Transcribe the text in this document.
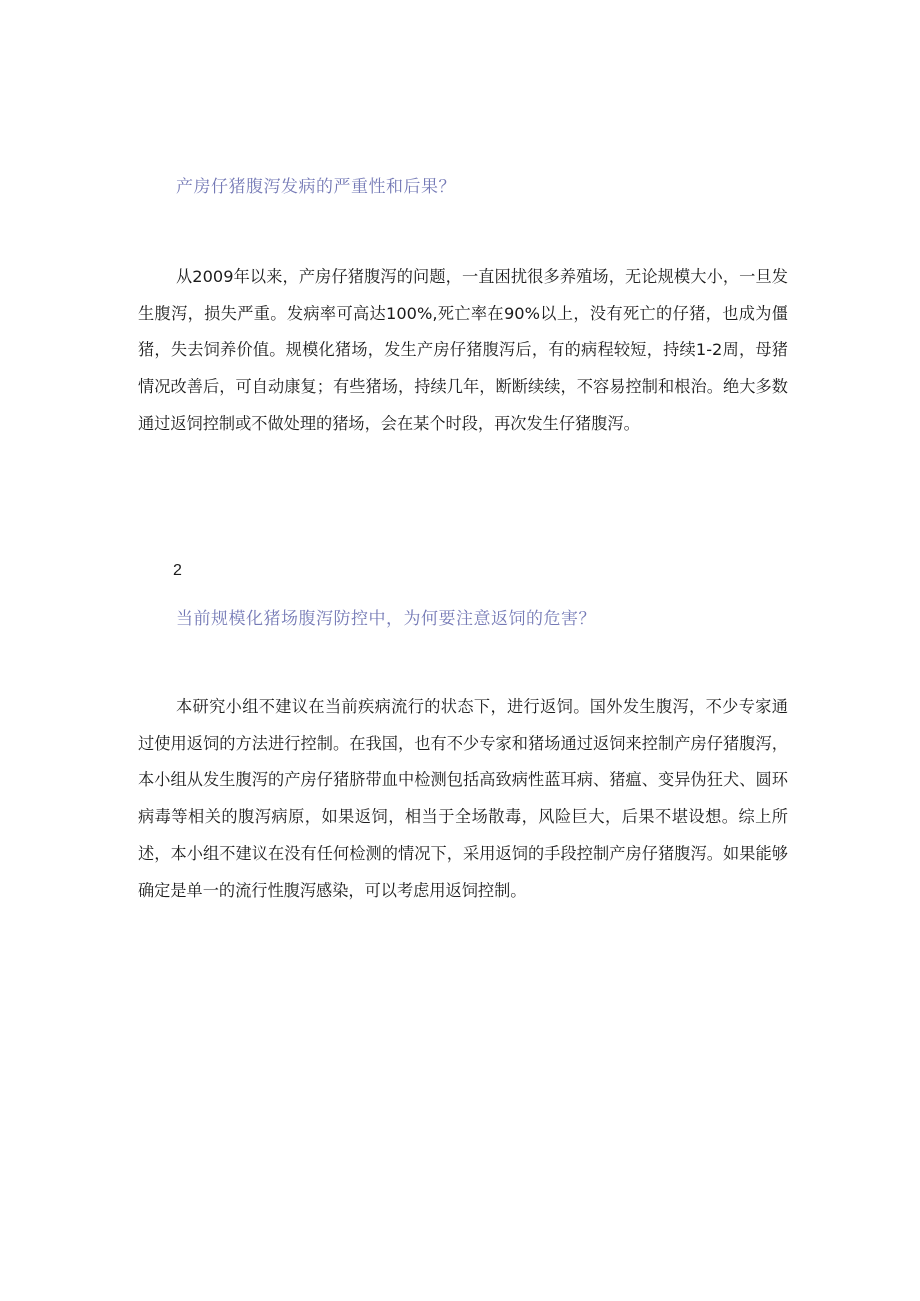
产房仔猪腹泻发病的严重性和后果？

从2009年以来，产房仔猪腹泻的问题，一直困扰很多养殖场，无论规模大小，一旦发生腹泻，损失严重。发病率可高达100%,死亡率在90%以上，没有死亡的仔猪，也成为僵猪，失去饲养价值。规模化猪场，发生产房仔猪腹泻后，有的病程较短，持续1-2周，母猪情况改善后，可自动康复；有些猪场，持续几年，断断续续，不容易控制和根治。绝大多数通过返饲控制或不做处理的猪场，会在某个时段，再次发生仔猪腹泻。

2
当前规模化猪场腹泻防控中，为何要注意返饲的危害？

本研究小组不建议在当前疾病流行的状态下，进行返饲。国外发生腹泻，不少专家通过使用返饲的方法进行控制。在我国，也有不少专家和猪场通过返饲来控制产房仔猪腹泻，本小组从发生腹泻的产房仔猪脐带血中检测包括高致病性蓝耳病、猪瘟、变异伪狂犬、圆环病毒等相关的腹泻病原，如果返饲，相当于全场散毒，风险巨大，后果不堪设想。综上所述，本小组不建议在没有任何检测的情况下，采用返饲的手段控制产房仔猪腹泻。如果能够确定是单一的流行性腹泻感染，可以考虑用返饲控制。
